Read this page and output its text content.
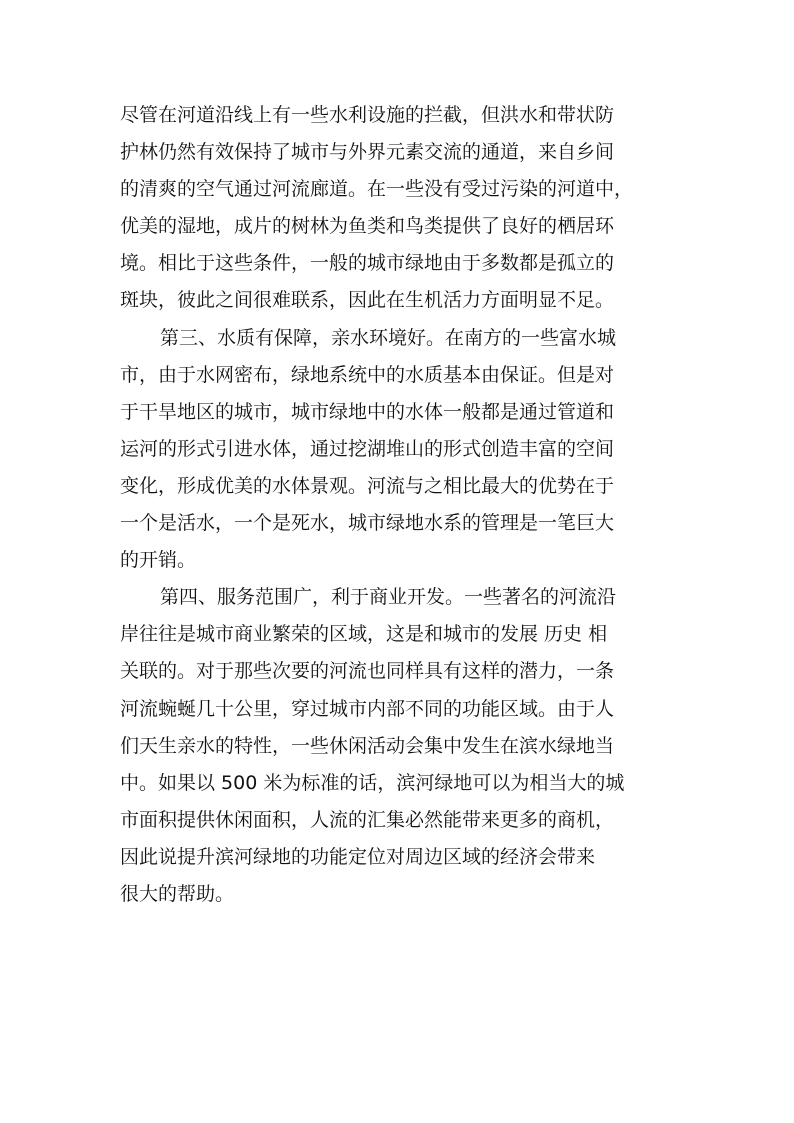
尽管在河道沿线上有一些水利设施的拦截，但洪水和带状防
护林仍然有效保持了城市与外界元素交流的通道，来自乡间
的清爽的空气通过河流廊道。在一些没有受过污染的河道中，
优美的湿地，成片的树林为鱼类和鸟类提供了良好的栖居环
境。相比于这些条件，一般的城市绿地由于多数都是孤立的
斑块，彼此之间很难联系，因此在生机活力方面明显不足。
第三、水质有保障，亲水环境好。在南方的一些富水城
市，由于水网密布，绿地系统中的水质基本由保证。但是对
于干旱地区的城市，城市绿地中的水体一般都是通过管道和
运河的形式引进水体，通过挖湖堆山的形式创造丰富的空间
变化，形成优美的水体景观。河流与之相比最大的优势在于
一个是活水，一个是死水，城市绿地水系的管理是一笔巨大
的开销。
第四、服务范围广，利于商业开发。一些著名的河流沿
岸往往是城市商业繁荣的区域，这是和城市的发展 历史 相
关联的。对于那些次要的河流也同样具有这样的潜力，一条
河流蜿蜒几十公里，穿过城市内部不同的功能区域。由于人
们天生亲水的特性，一些休闲活动会集中发生在滨水绿地当
中。如果以 500 米为标准的话，滨河绿地可以为相当大的城
市面积提供休闲面积，人流的汇集必然能带来更多的商机，
因此说提升滨河绿地的功能定位对周边区域的经济会带来
很大的帮助。
